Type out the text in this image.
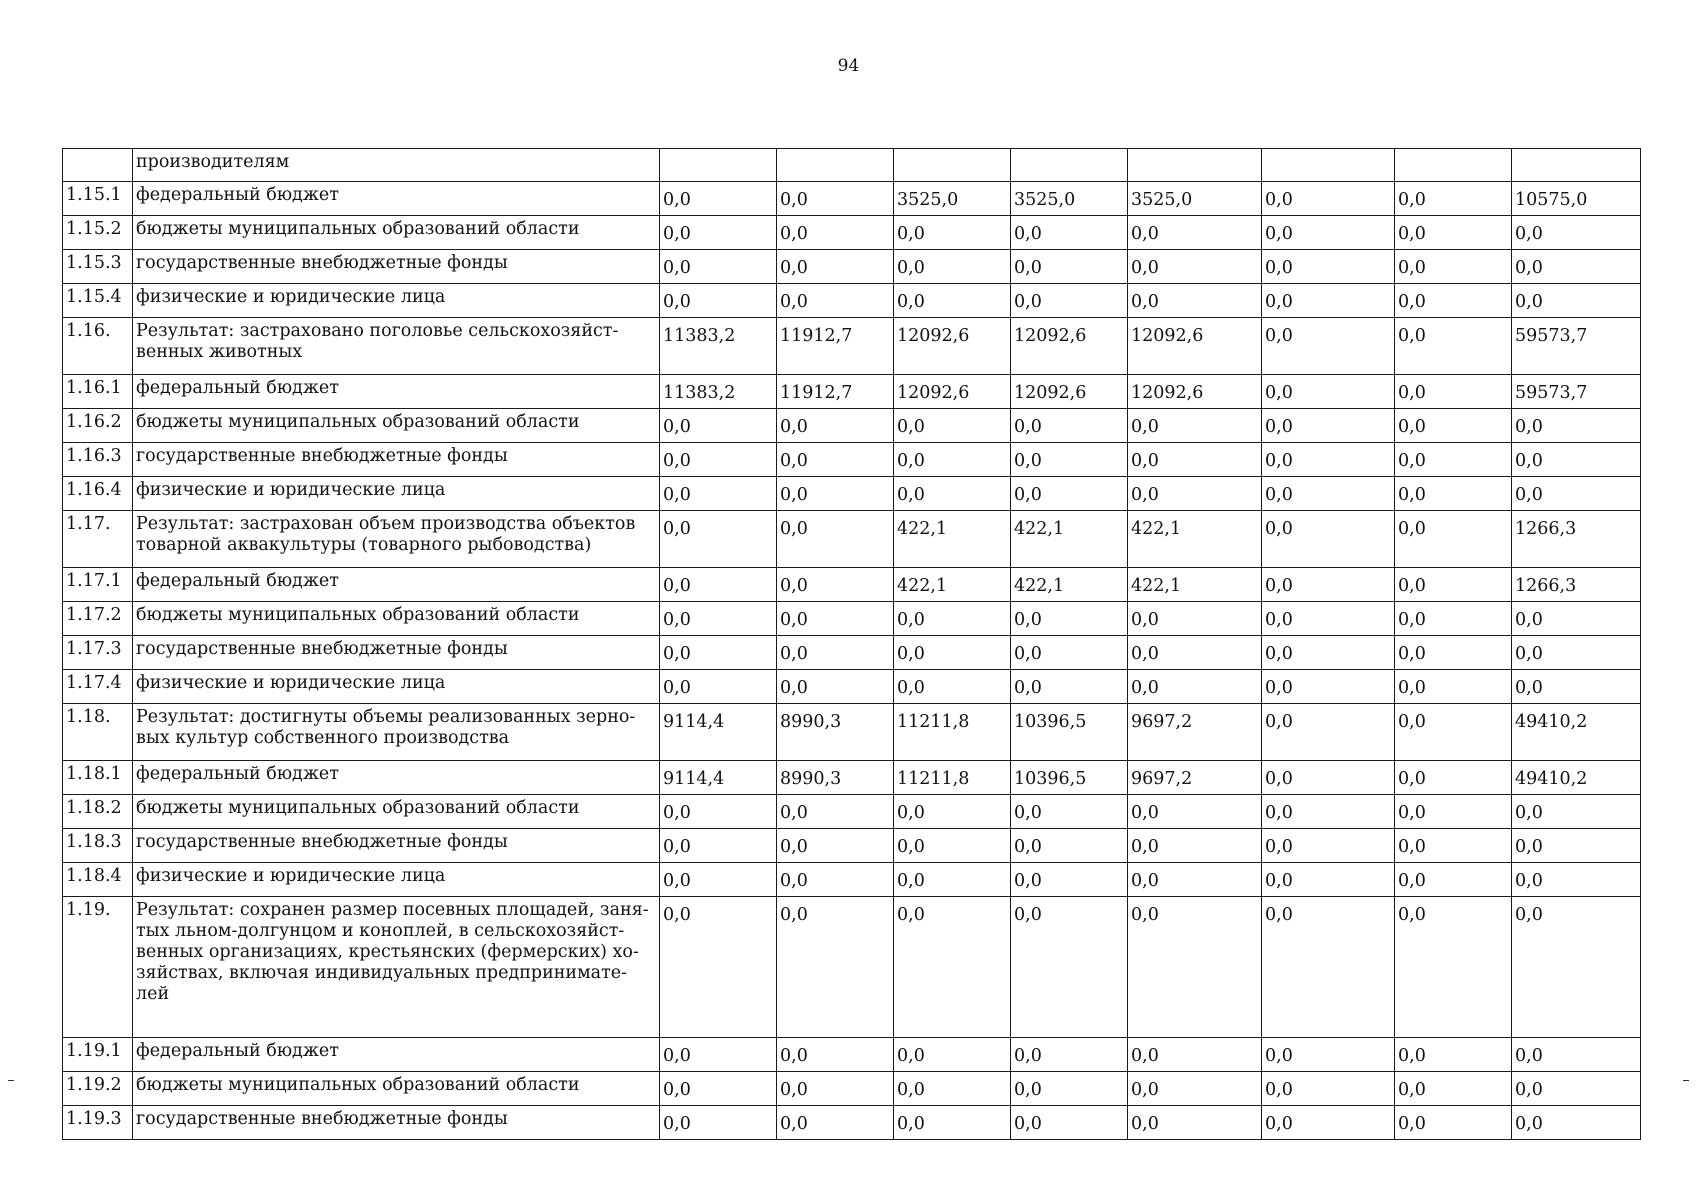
94
	производителям								
1.15.1	федеральный бюджет	0,0	0,0	3525,0	3525,0	3525,0	0,0	0,0	10575,0
1.15.2	бюджеты муниципальных образований области	0,0	0,0	0,0	0,0	0,0	0,0	0,0	0,0
1.15.3	государственные внебюджетные фонды	0,0	0,0	0,0	0,0	0,0	0,0	0,0	0,0
1.15.4	физические и юридические лица	0,0	0,0	0,0	0,0	0,0	0,0	0,0	0,0
1.16.	Результат: застраховано поголовье сельскохозяйст-венных животных	11383,2	11912,7	12092,6	12092,6	12092,6	0,0	0,0	59573,7
1.16.1	федеральный бюджет	11383,2	11912,7	12092,6	12092,6	12092,6	0,0	0,0	59573,7
1.16.2	бюджеты муниципальных образований области	0,0	0,0	0,0	0,0	0,0	0,0	0,0	0,0
1.16.3	государственные внебюджетные фонды	0,0	0,0	0,0	0,0	0,0	0,0	0,0	0,0
1.16.4	физические и юридические лица	0,0	0,0	0,0	0,0	0,0	0,0	0,0	0,0
1.17.	Результат: застрахован объем производства объектов товарной аквакультуры (товарного рыбоводства)	0,0	0,0	422,1	422,1	422,1	0,0	0,0	1266,3
1.17.1	федеральный бюджет	0,0	0,0	422,1	422,1	422,1	0,0	0,0	1266,3
1.17.2	бюджеты муниципальных образований области	0,0	0,0	0,0	0,0	0,0	0,0	0,0	0,0
1.17.3	государственные внебюджетные фонды	0,0	0,0	0,0	0,0	0,0	0,0	0,0	0,0
1.17.4	физические и юридические лица	0,0	0,0	0,0	0,0	0,0	0,0	0,0	0,0
1.18.	Результат: достигнуты объемы реализованных зерно-вых культур собственного производства	9114,4	8990,3	11211,8	10396,5	9697,2	0,0	0,0	49410,2
1.18.1	федеральный бюджет	9114,4	8990,3	11211,8	10396,5	9697,2	0,0	0,0	49410,2
1.18.2	бюджеты муниципальных образований области	0,0	0,0	0,0	0,0	0,0	0,0	0,0	0,0
1.18.3	государственные внебюджетные фонды	0,0	0,0	0,0	0,0	0,0	0,0	0,0	0,0
1.18.4	физические и юридические лица	0,0	0,0	0,0	0,0	0,0	0,0	0,0	0,0
1.19.	Результат: сохранен размер посевных площадей, заня-тых льном-долгунцом и коноплей, в сельскохозяйст-венных организациях, крестьянских (фермерских) хо-зяйствах, включая индивидуальных предпринимате-лей	0,0	0,0	0,0	0,0	0,0	0,0	0,0	0,0
1.19.1	федеральный бюджет	0,0	0,0	0,0	0,0	0,0	0,0	0,0	0,0
1.19.2	бюджеты муниципальных образований области	0,0	0,0	0,0	0,0	0,0	0,0	0,0	0,0
1.19.3	государственные внебюджетные фонды	0,0	0,0	0,0	0,0	0,0	0,0	0,0	0,0
